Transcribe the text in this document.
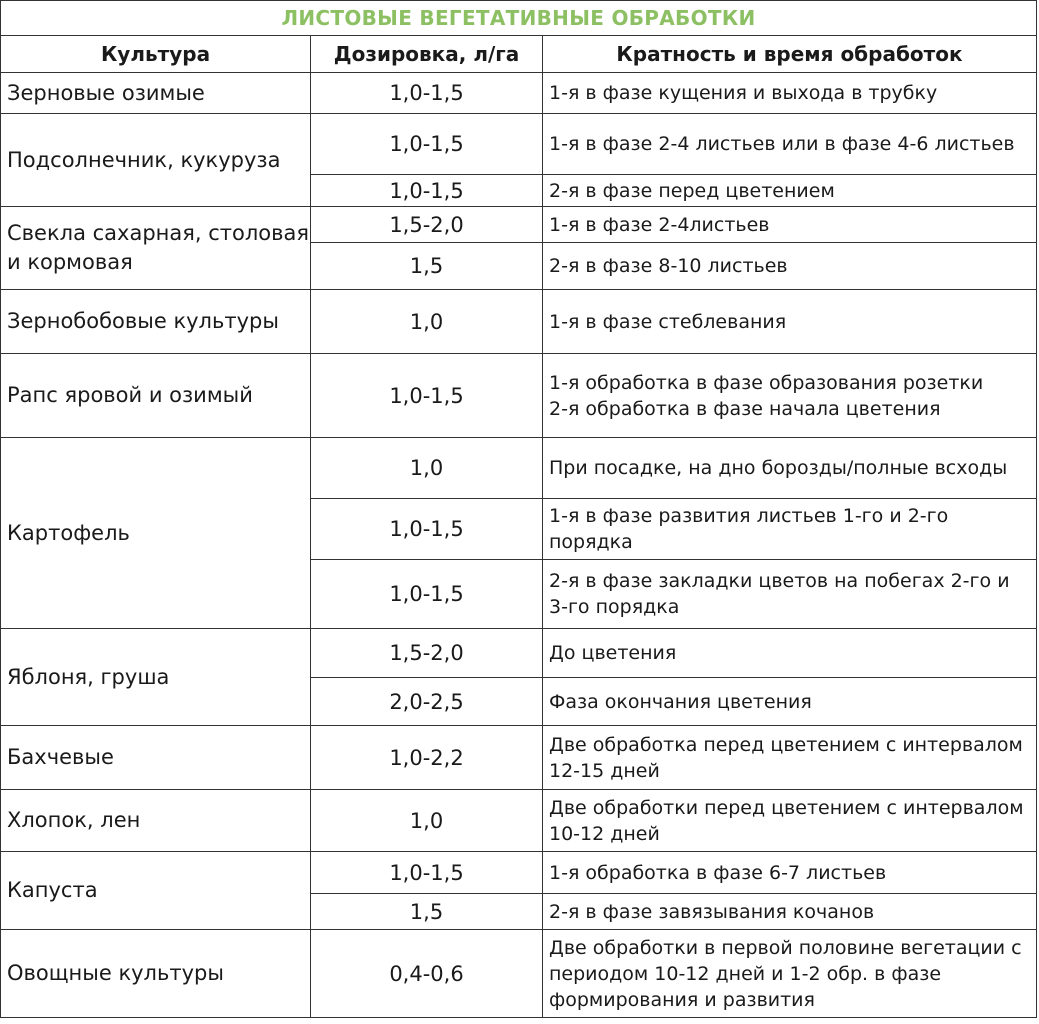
ЛИСТОВЫЕ ВЕГЕТАТИВНЫЕ ОБРАБОТКИ		
Культура	Дозировка, л/га	Кратность и время обработок
Зерновые озимые	1,0-1,5	1-я в фазе кущения и выхода в трубку
Подсолнечник, кукуруза	1,0-1,5	1-я в фазе 2-4 листьев или в фазе 4-6 листьев
	1,0-1,5	2-я в фазе перед цветением
Свекла сахарная, столовая и кормовая	1,5-2,0	1-я в фазе 2-4листьев
	1,5	2-я в фазе 8-10 листьев
Зернобобовые культуры	1,0	1-я в фазе стеблевания
Рапс яровой и озимый	1,0-1,5	1-я обработка в фазе образования розетки
2-я обработка в фазе начала цветения
Картофель	1,0	При посадке, на дно борозды/полные всходы
	1,0-1,5	1-я в фазе развития листьев 1-го и 2-го порядка
	1,0-1,5	2-я в фазе закладки цветов на побегах 2-го и 3-го порядка
Яблоня, груша	1,5-2,0	До цветения
	2,0-2,5	Фаза окончания цветения
Бахчевые	1,0-2,2	Две обработка перед цветением с интервалом 12-15 дней
Хлопок, лен	1,0	Две обработки перед цветением с интервалом 10-12 дней
Капуста	1,0-1,5	1-я обработка в фазе 6-7 листьев
	1,5	2-я в фазе завязывания кочанов
Овощные культуры	0,4-0,6	Две обработки в первой половине вегетации с периодом 10-12 дней и 1-2 обр. в фазе формирования и развития
